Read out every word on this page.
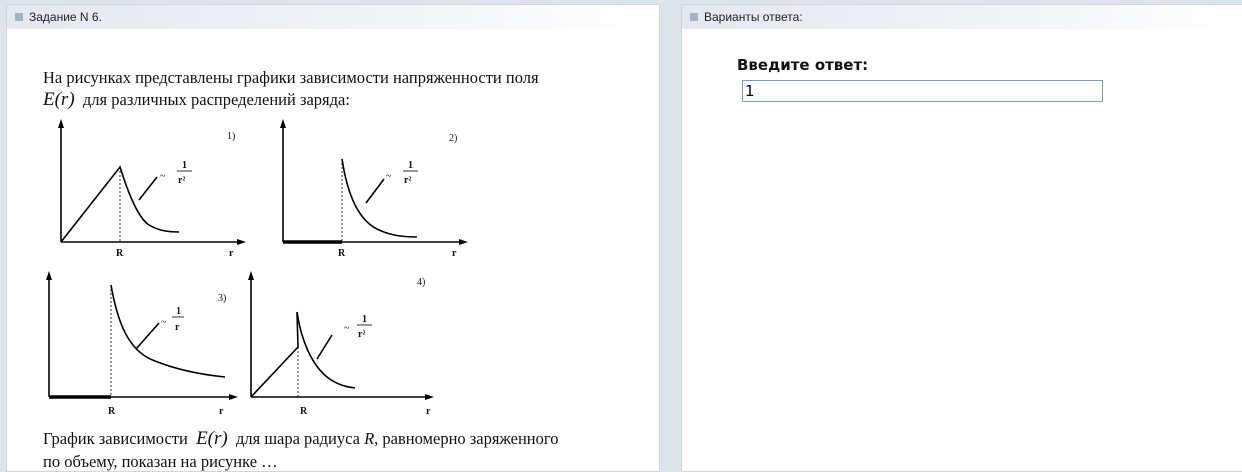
Задание N 6.
На рисунках представлены графики зависимости напряженности поля
E(r) для различных распределений заряда:
1)
R	r
~
1
r²
2)
R	r
~
1
r²
3)
R	r
~
1
r
4)
R	r
~
1
r²
График зависимости E(r) для шара радиуса R, равномерно заряженного
по объему, показан на рисунке …
Варианты ответа:
Введите ответ:
1
